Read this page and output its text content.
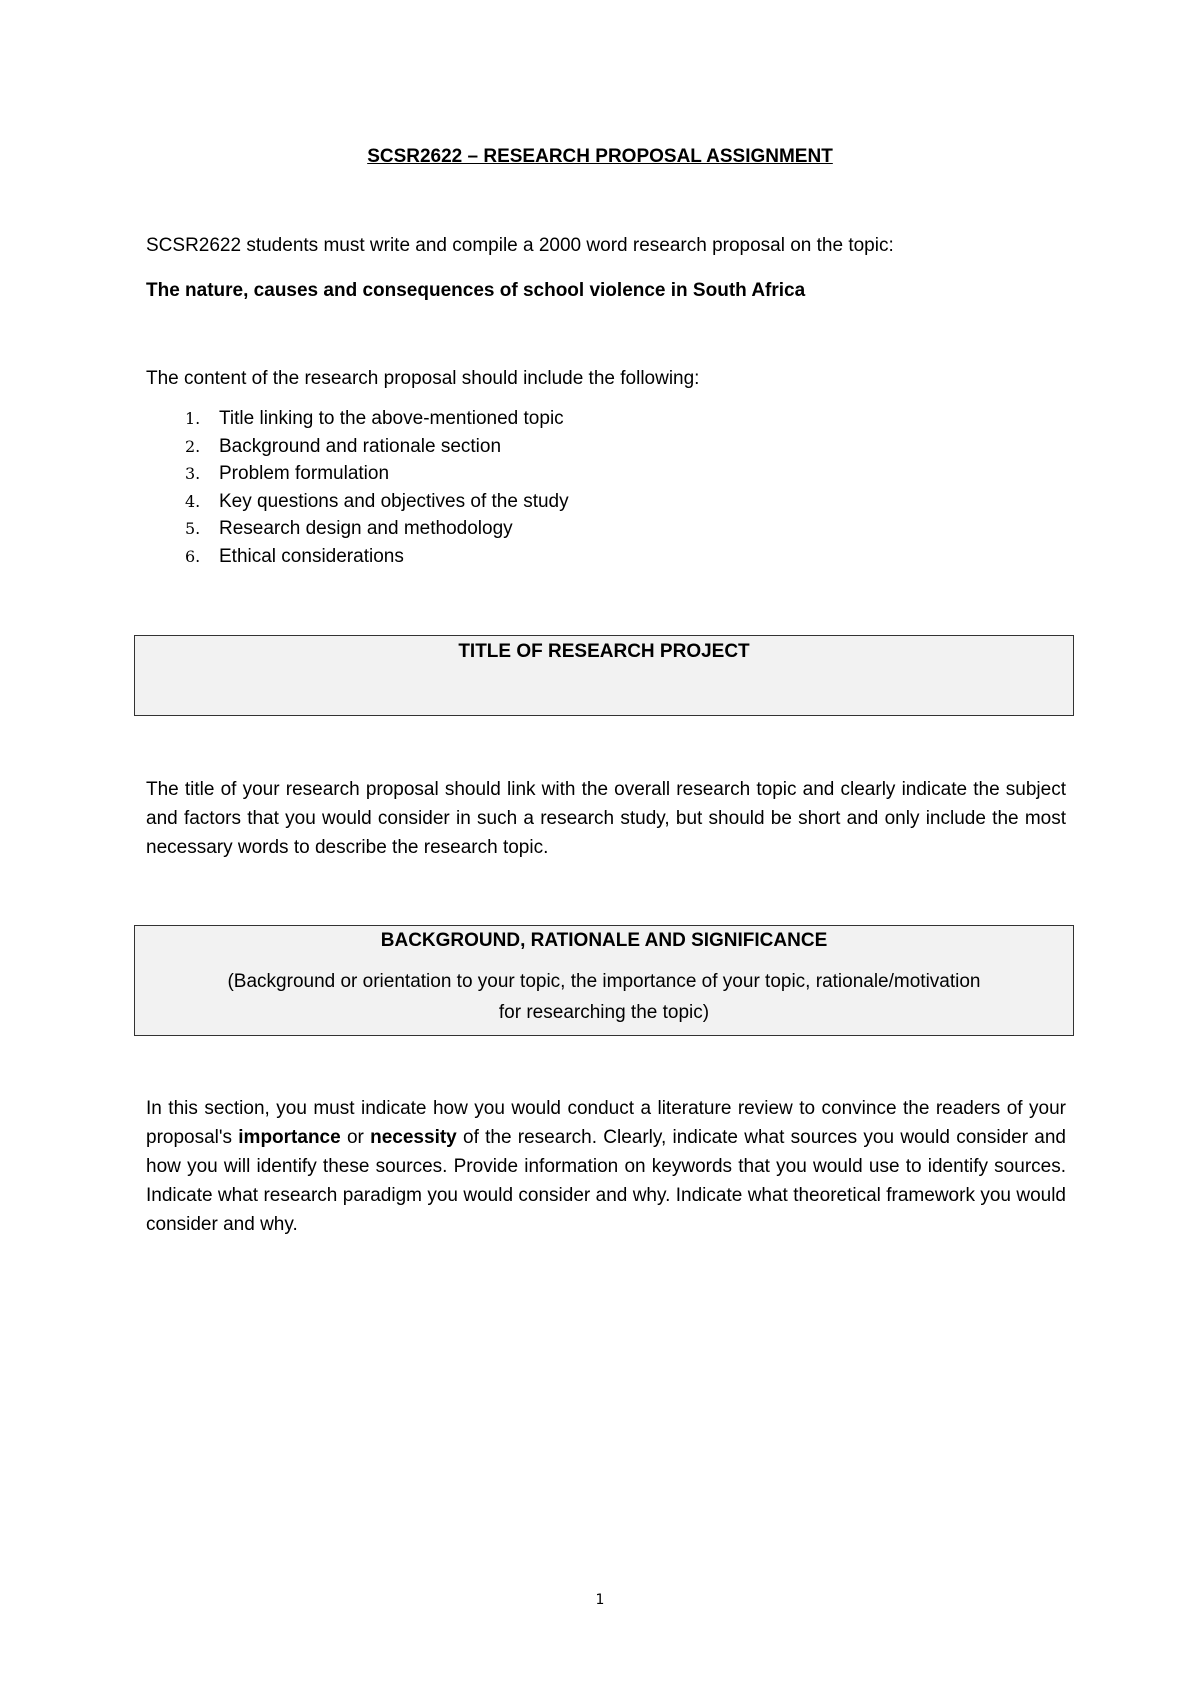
SCSR2622 – RESEARCH PROPOSAL ASSIGNMENT

SCSR2622 students must write and compile a 2000 word research proposal on the topic:

The nature, causes and consequences of school violence in South Africa

The content of the research proposal should include the following:

1. Title linking to the above-mentioned topic
2. Background and rationale section
3. Problem formulation
4. Key questions and objectives of the study
5. Research design and methodology
6. Ethical considerations
TITLE OF RESEARCH PROJECT

The title of your research proposal should link with the overall research topic and clearly indicate the subject and factors that you would consider in such a research study, but should be short and only include the most necessary words to describe the research topic.

BACKGROUND, RATIONALE AND SIGNIFICANCE
(Background or orientation to your topic, the importance of your topic, rationale/motivation
for researching the topic)

In this section, you must indicate how you would conduct a literature review to convince the readers of your proposal's importance or necessity of the research. Clearly, indicate what sources you would consider and how you will identify these sources. Provide information on keywords that you would use to identify sources. Indicate what research paradigm you would consider and why. Indicate what theoretical framework you would consider and why.

1
